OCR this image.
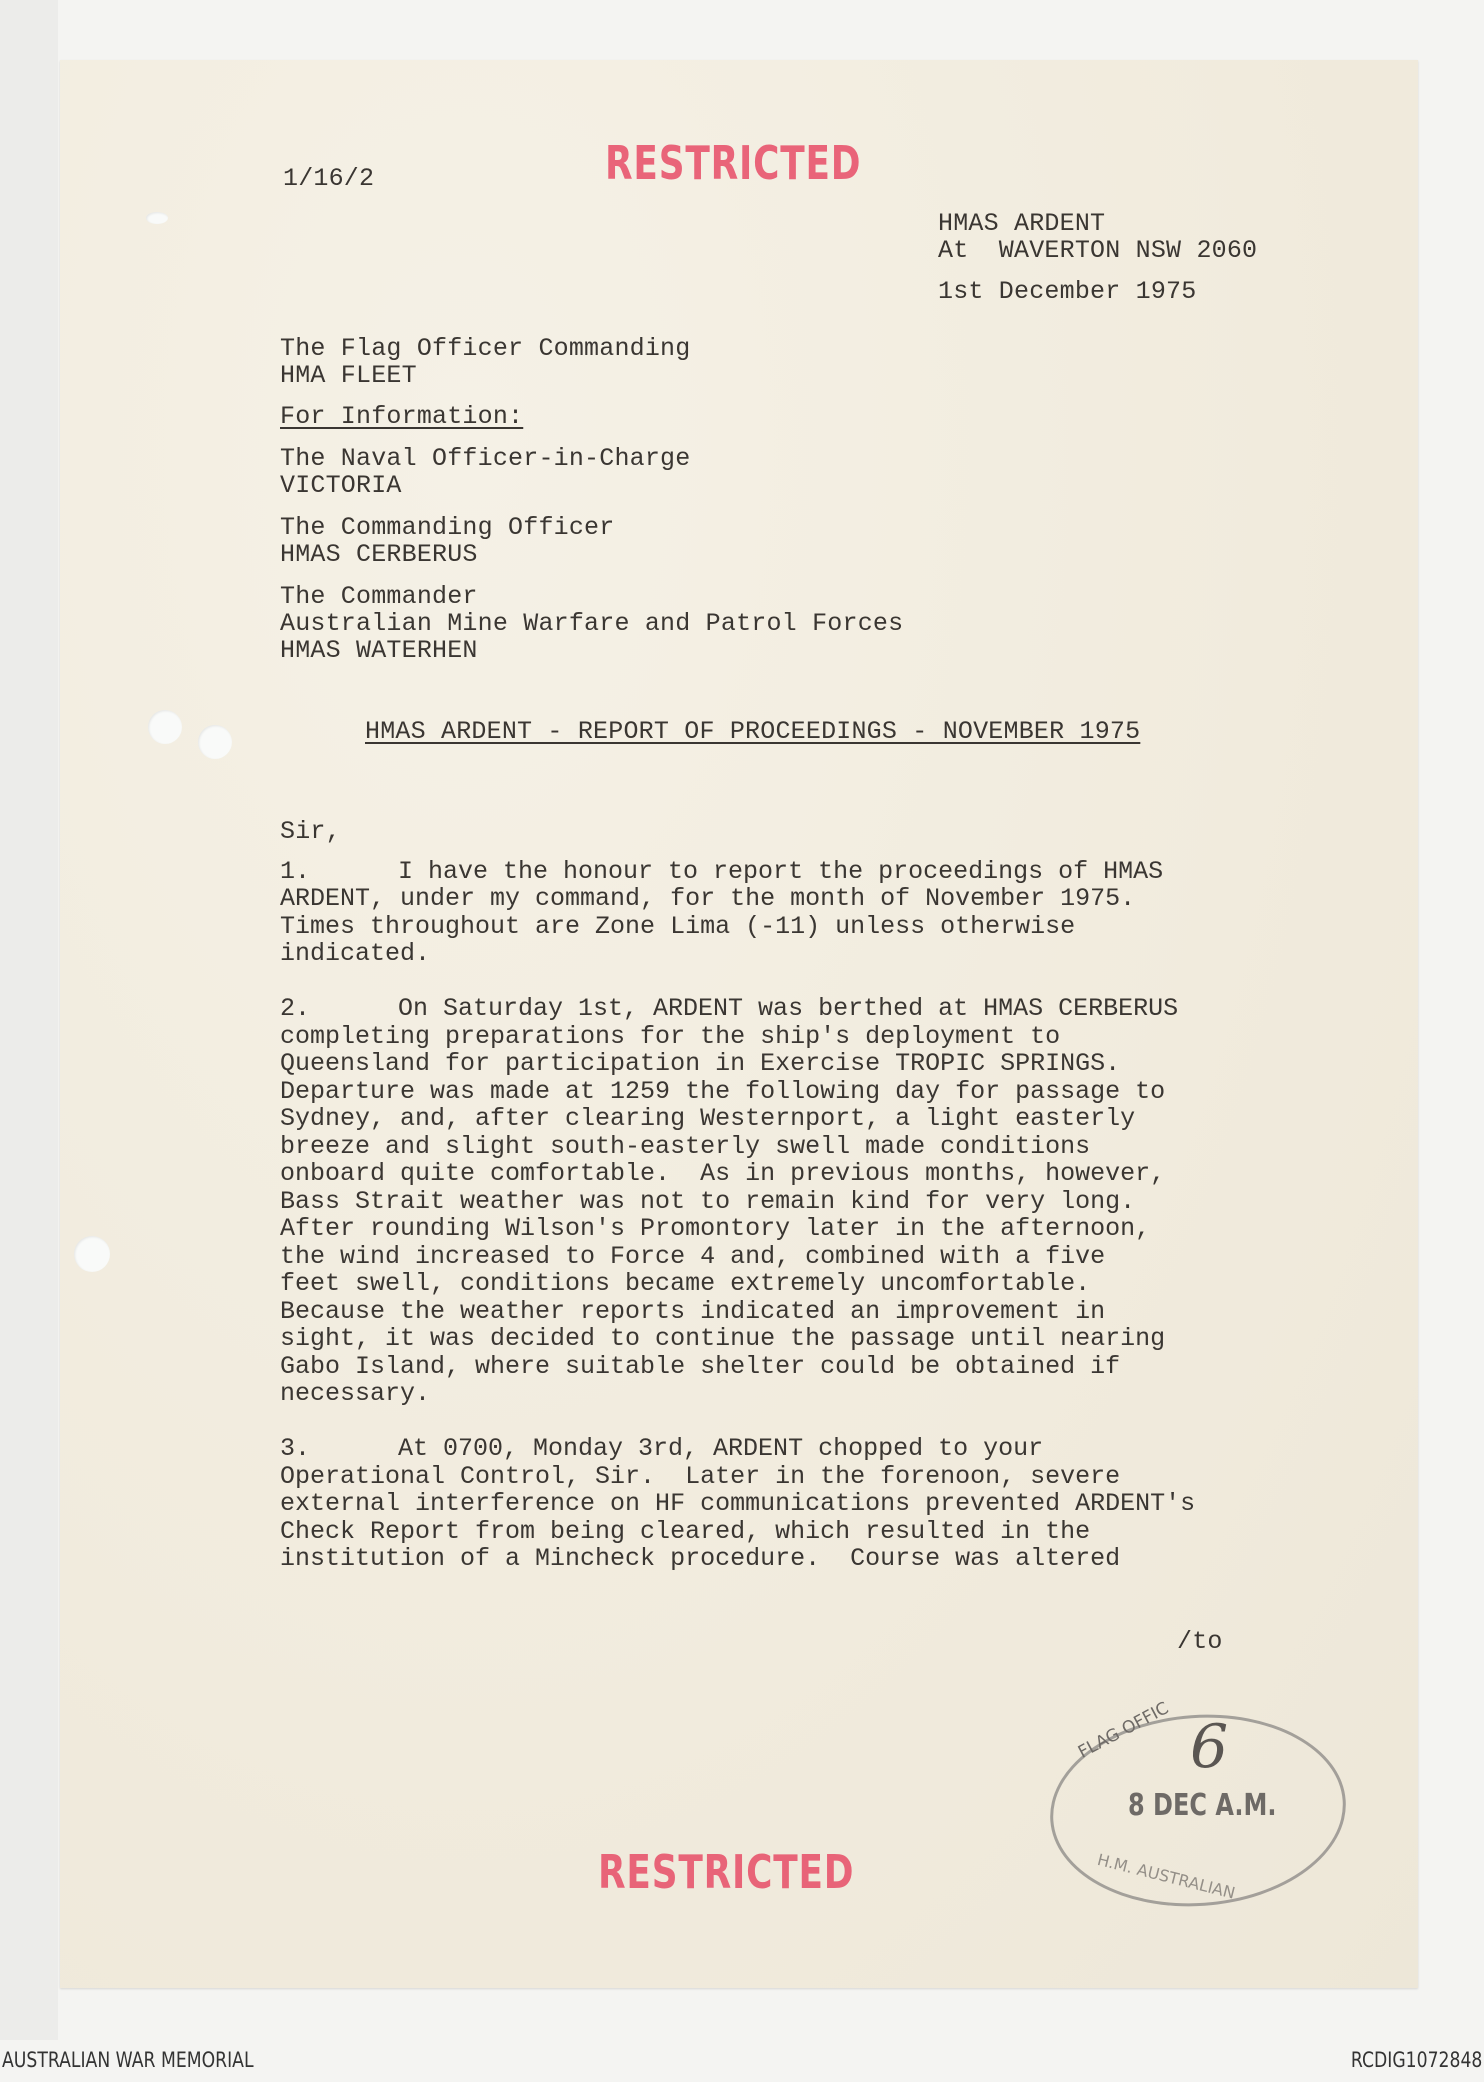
1/16/2	RESTRICTED
HMAS ARDENT
At  WAVERTON NSW 2060
1st December 1975
The Flag Officer Commanding
HMA FLEET
For Information:
The Naval Officer-in-Charge
VICTORIA
The Commanding Officer
HMAS CERBERUS
The Commander
Australian Mine Warfare and Patrol Forces
HMAS WATERHEN
HMAS ARDENT - REPORT OF PROCEEDINGS - NOVEMBER 1975
Sir,
1.	I have the honour to report the proceedings of HMAS
ARDENT, under my command, for the month of November 1975.
Times throughout are Zone Lima (-11) unless otherwise
indicated.
2.	On Saturday 1st, ARDENT was berthed at HMAS CERBERUS
completing preparations for the ship's deployment to
Queensland for participation in Exercise TROPIC SPRINGS.
Departure was made at 1259 the following day for passage to
Sydney, and, after clearing Westernport, a light easterly
breeze and slight south-easterly swell made conditions
onboard quite comfortable.  As in previous months, however,
Bass Strait weather was not to remain kind for very long.
After rounding Wilson's Promontory later in the afternoon,
the wind increased to Force 4 and, combined with a five
feet swell, conditions became extremely uncomfortable.
Because the weather reports indicated an improvement in
sight, it was decided to continue the passage until nearing
Gabo Island, where suitable shelter could be obtained if
necessary.
3.	At 0700, Monday 3rd, ARDENT chopped to your
Operational Control, Sir.  Later in the forenoon, severe
external interference on HF communications prevented ARDENT's
Check Report from being cleared, which resulted in the
institution of a Mincheck procedure.  Course was altered
/to
FLAG OFFIC 6
8 DEC A.M.
H.M. AUSTRALIAN
RESTRICTED
AUSTRALIAN WAR MEMORIAL	RCDIG1072848
